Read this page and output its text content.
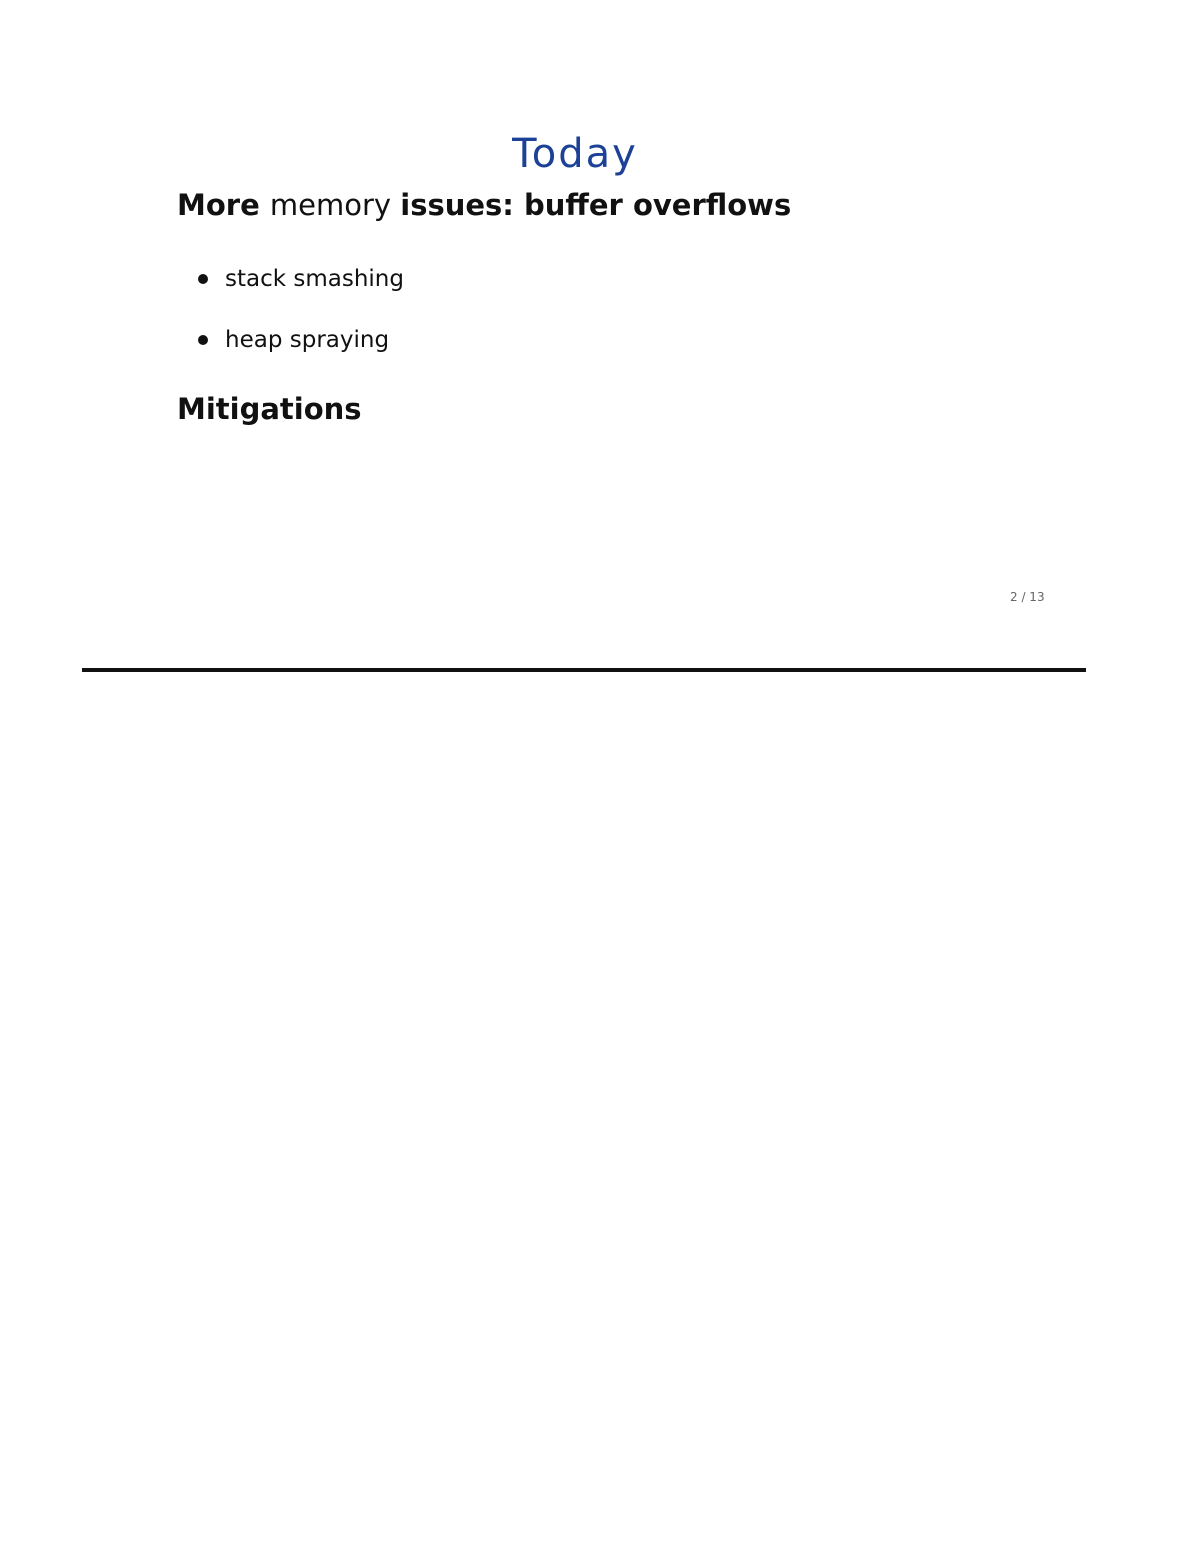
Today
More memory issues: buffer overflows
stack smashing
heap spraying
Mitigations
2 / 13
